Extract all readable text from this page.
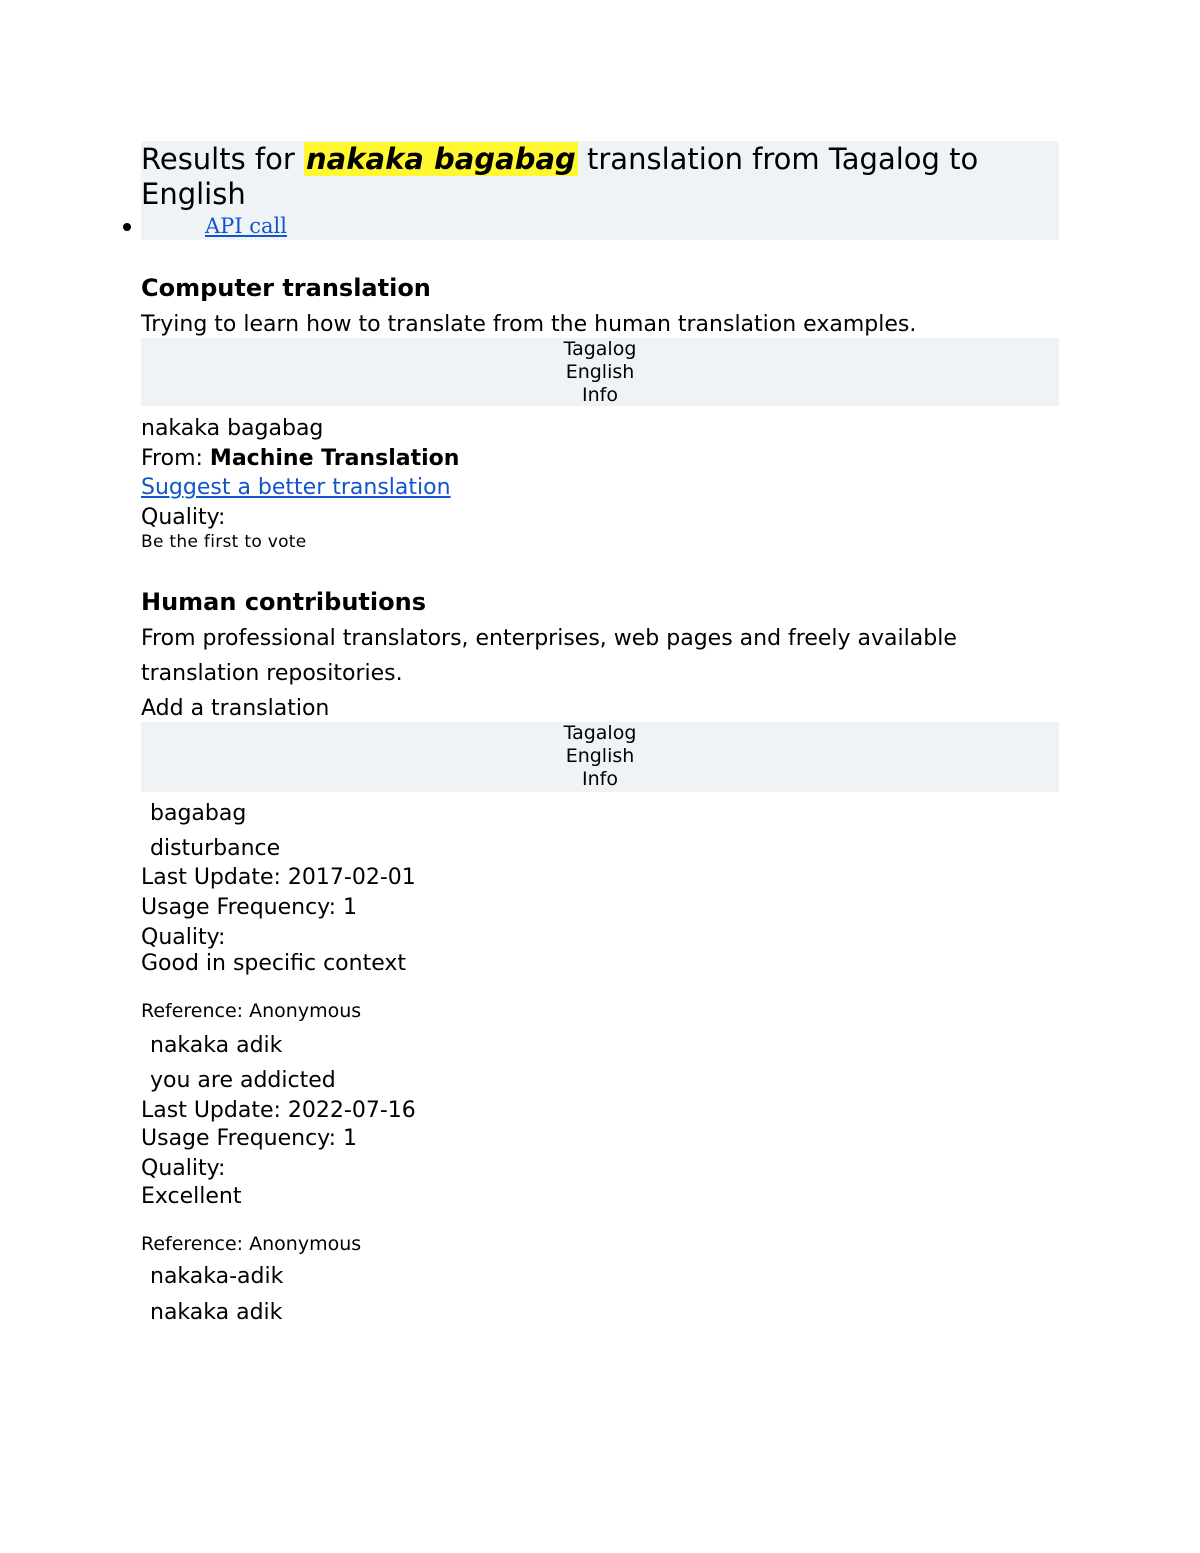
Results for nakaka bagabag translation from Tagalog to English
API call
Computer translation
Trying to learn how to translate from the human translation examples.
Tagalog
English
Info
nakaka bagabag
From: Machine Translation
Suggest a better translation
Quality:
Be the first to vote
Human contributions
From professional translators, enterprises, web pages and freely available
translation repositories.
Add a translation
Tagalog
English
Info
bagabag
disturbance
Last Update: 2017-02-01
Usage Frequency: 1
Quality:
Good in specific context
Reference: Anonymous
nakaka adik
you are addicted
Last Update: 2022-07-16
Usage Frequency: 1
Quality:
Excellent
Reference: Anonymous
nakaka-adik
nakaka adik
